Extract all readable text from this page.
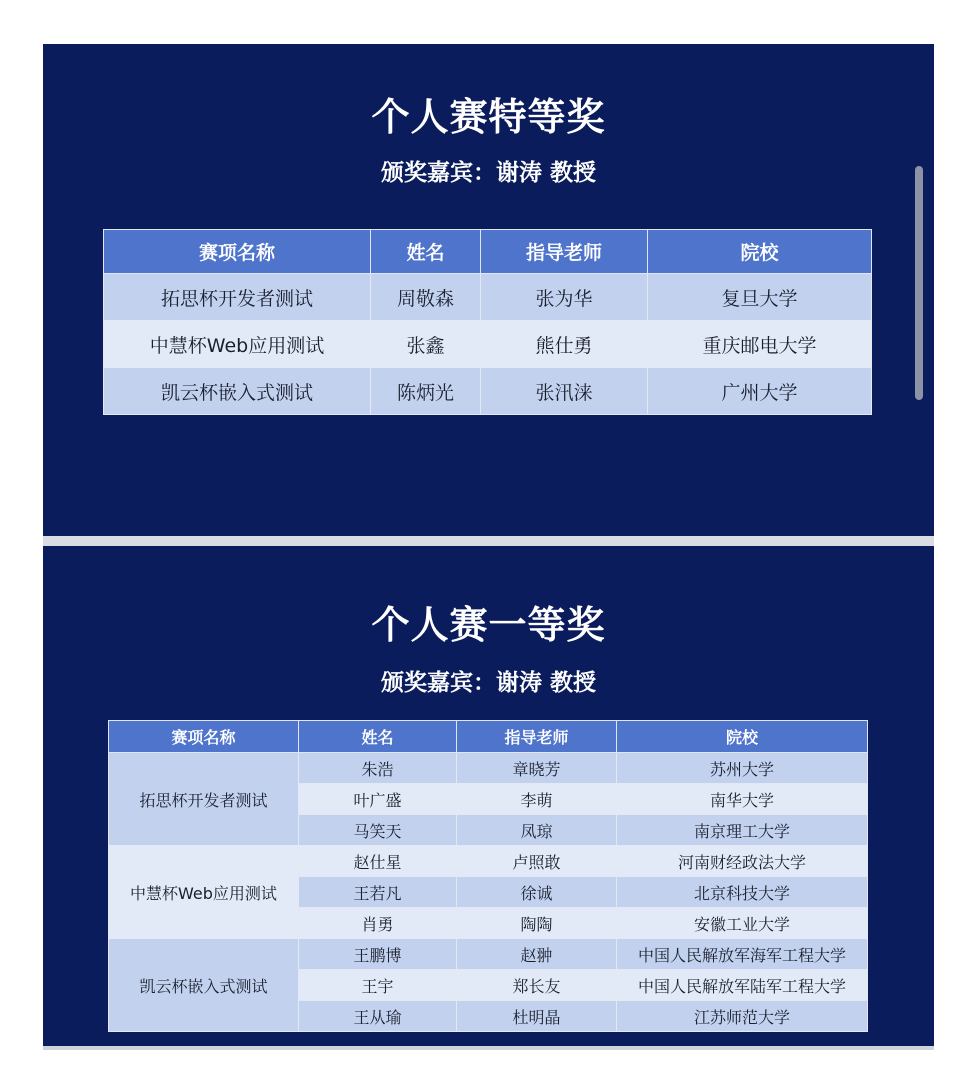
个人赛特等奖
颁奖嘉宾：谢涛 教授
赛项名称	姓名	指导老师	院校
拓思杯开发者测试	周敬森	张为华	复旦大学
中慧杯Web应用测试	张鑫	熊仕勇	重庆邮电大学
凯云杯嵌入式测试	陈炳光	张汛涞	广州大学
个人赛一等奖
颁奖嘉宾：谢涛 教授
赛项名称	姓名	指导老师	院校
拓思杯开发者测试	朱浩	章晓芳	苏州大学
	叶广盛	李萌	南华大学
	马笑天	凤琼	南京理工大学
中慧杯Web应用测试	赵仕星	卢照敢	河南财经政法大学
	王若凡	徐诚	北京科技大学
	肖勇	陶陶	安徽工业大学
凯云杯嵌入式测试	王鹏博	赵翀	中国人民解放军海军工程大学
	王宇	郑长友	中国人民解放军陆军工程大学
	王从瑜	杜明晶	江苏师范大学
